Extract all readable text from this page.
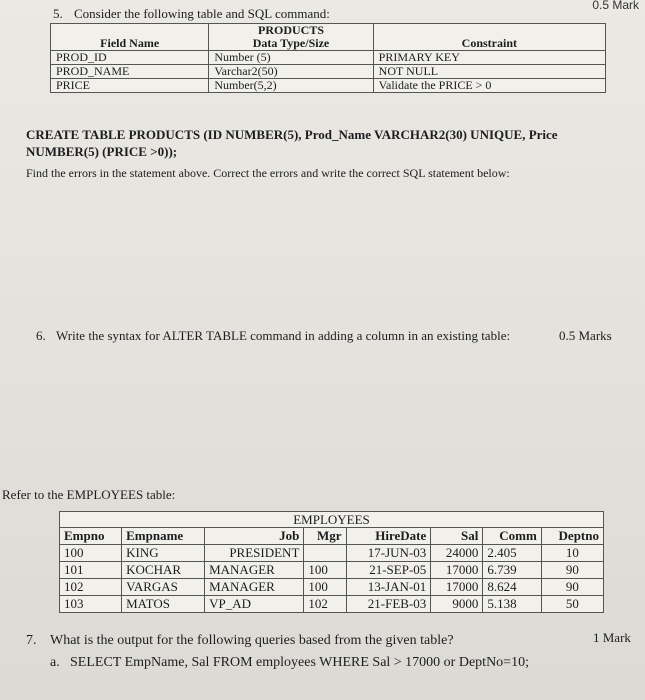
0.5 Mark
5. Consider the following table and SQL command:
	PRODUCTS	
Field Name	Data Type/Size	Constraint
PROD_ID	Number (5)	PRIMARY KEY
PROD_NAME	Varchar2(50)	NOT NULL
PRICE	Number(5,2)	Validate the PRICE > 0
CREATE TABLE PRODUCTS (ID NUMBER(5), Prod_Name VARCHAR2(30) UNIQUE, Price
NUMBER(5) (PRICE >0));
Find the errors in the statement above. Correct the errors and write the correct SQL statement below:
6. Write the syntax for ALTER TABLE command in adding a column in an existing table:	0.5 Marks
Refer to the EMPLOYEES table:
EMPLOYEES							
Empno	Empname	Job	Mgr	HireDate	Sal	Comm	Deptno
100	KING	PRESIDENT		17-JUN-03	24000	2.405	10
101	KOCHAR	MANAGER	100	21-SEP-05	17000	6.739	90
102	VARGAS	MANAGER	100	13-JAN-01	17000	8.624	90
103	MATOS	VP_AD	102	21-FEB-03	9000	5.138	50
7. What is the output for the following queries based from the given table?	1 Mark
a. SELECT EmpName, Sal FROM employees WHERE Sal > 17000 or DeptNo=10;
